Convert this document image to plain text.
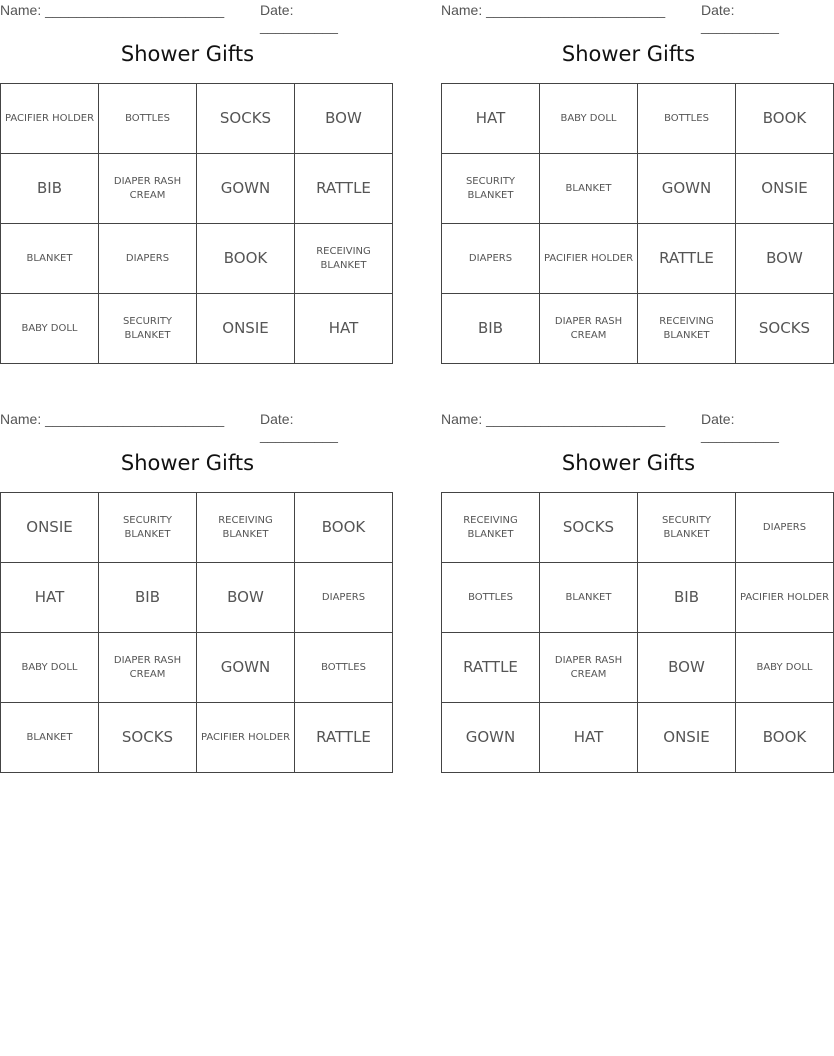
Name: _______________________	Date: __________
Shower Gifts
PACIFIER HOLDER	BOTTLES	SOCKS	BOW
BIB	DIAPER RASH CREAM	GOWN	RATTLE
BLANKET	DIAPERS	BOOK	RECEIVING BLANKET
BABY DOLL	SECURITY BLANKET	ONSIE	HAT
Name: _______________________	Date: __________
Shower Gifts
HAT	BABY DOLL	BOTTLES	BOOK
SECURITY BLANKET	BLANKET	GOWN	ONSIE
DIAPERS	PACIFIER HOLDER	RATTLE	BOW
BIB	DIAPER RASH CREAM	RECEIVING BLANKET	SOCKS
Name: _______________________	Date: __________
Shower Gifts
ONSIE	SECURITY BLANKET	RECEIVING BLANKET	BOOK
HAT	BIB	BOW	DIAPERS
BABY DOLL	DIAPER RASH CREAM	GOWN	BOTTLES
BLANKET	SOCKS	PACIFIER HOLDER	RATTLE
Name: _______________________	Date: __________
Shower Gifts
RECEIVING BLANKET	SOCKS	SECURITY BLANKET	DIAPERS
BOTTLES	BLANKET	BIB	PACIFIER HOLDER
RATTLE	DIAPER RASH CREAM	BOW	BABY DOLL
GOWN	HAT	ONSIE	BOOK
